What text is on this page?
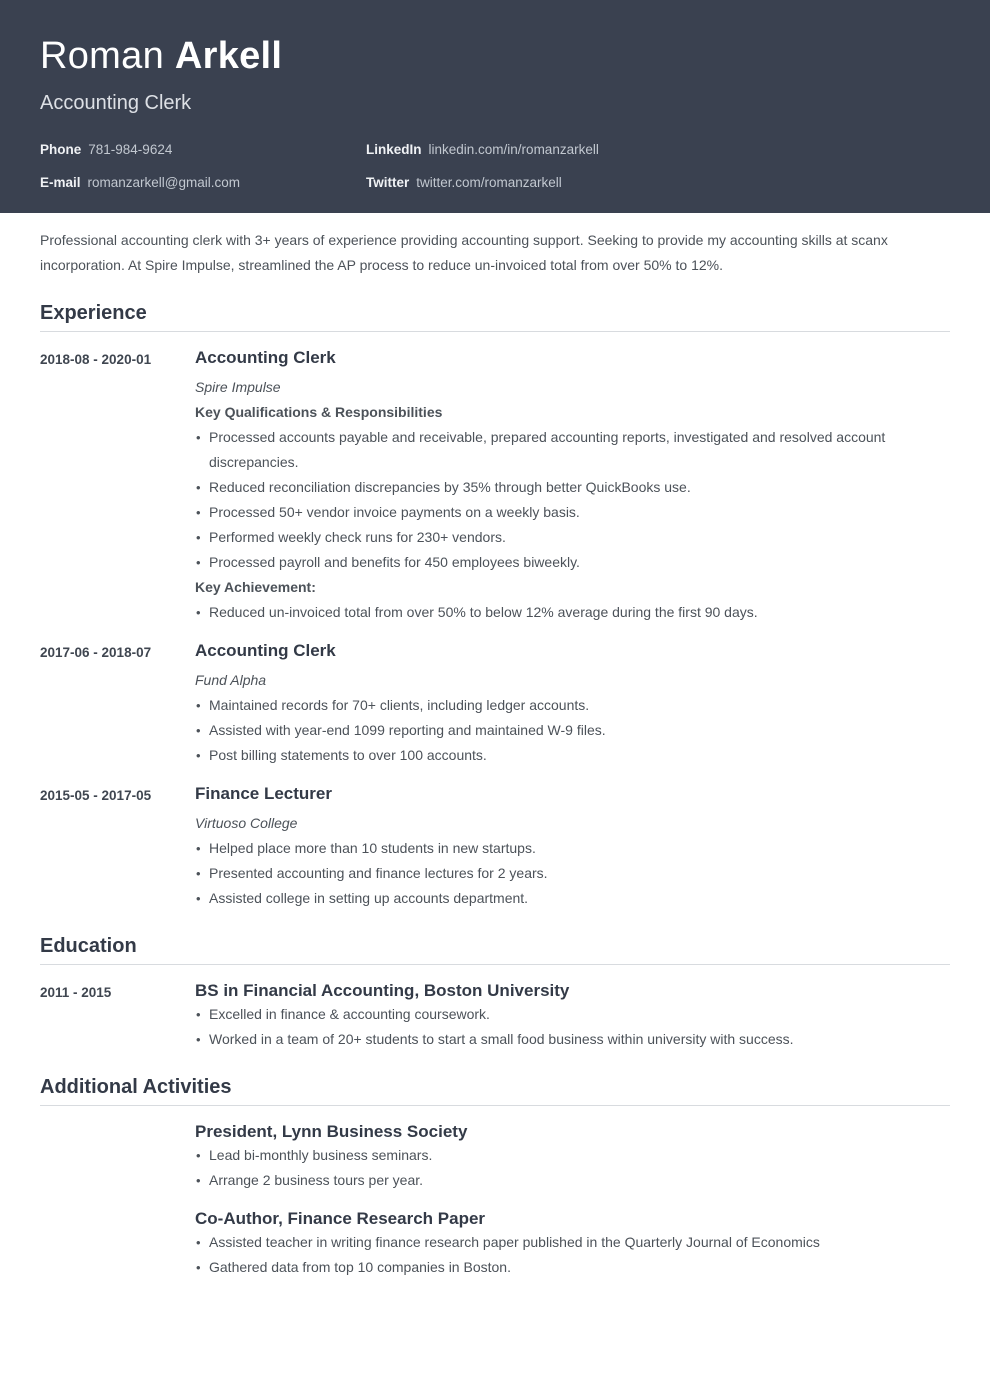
Roman Arkell

Accounting Clerk

Phone 781-984-9624	LinkedIn linkedin.com/in/romanzarkell
E-mail romanzarkell@gmail.com	Twitter twitter.com/romanzarkell

Professional accounting clerk with 3+ years of experience providing accounting support. Seeking to provide my accounting skills at scanx incorporation. At Spire Impulse, streamlined the AP process to reduce un-invoiced total from over 50% to 12%.

Experience
2018-08 - 2020-01	Accounting Clerk
Spire Impulse
Key Qualifications & Responsibilities
• Processed accounts payable and receivable, prepared accounting reports, investigated and resolved account discrepancies.
• Reduced reconciliation discrepancies by 35% through better QuickBooks use.
• Processed 50+ vendor invoice payments on a weekly basis.
• Performed weekly check runs for 230+ vendors.
• Processed payroll and benefits for 450 employees biweekly.
Key Achievement:
• Reduced un-invoiced total from over 50% to below 12% average during the first 90 days.
2017-06 - 2018-07	Accounting Clerk
Fund Alpha
• Maintained records for 70+ clients, including ledger accounts.
• Assisted with year-end 1099 reporting and maintained W-9 files.
• Post billing statements to over 100 accounts.
2015-05 - 2017-05	Finance Lecturer
Virtuoso College
• Helped place more than 10 students in new startups.
• Presented accounting and finance lectures for 2 years.
• Assisted college in setting up accounts department.
Education
2011 - 2015	BS in Financial Accounting, Boston University
• Excelled in finance & accounting coursework.
• Worked in a team of 20+ students to start a small food business within university with success.
Additional Activities
President, Lynn Business Society
• Lead bi-monthly business seminars.
• Arrange 2 business tours per year.
Co-Author, Finance Research Paper
• Assisted teacher in writing finance research paper published in the Quarterly Journal of Economics
• Gathered data from top 10 companies in Boston.
